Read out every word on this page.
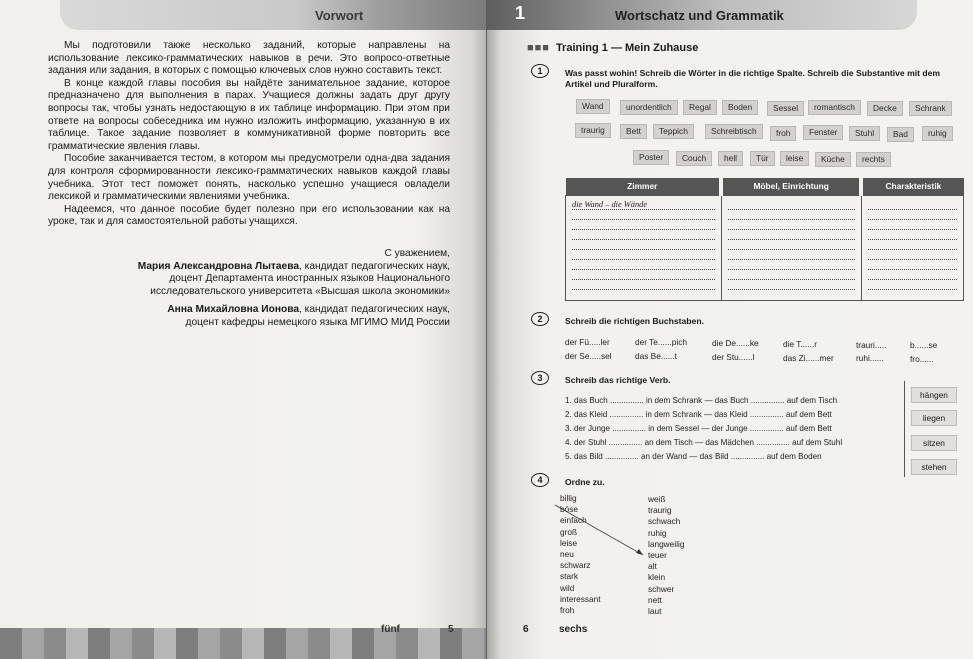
Vorwort

Мы подготовили также несколько заданий, которые направлены на использование лексико-грамматических навыков в речи. Это вопросо-ответные задания или задания, в которых с помощью ключевых слов нужно составить текст.

В конце каждой главы пособия вы найдёте занимательное задание, которое предназначено для выполнения в парах. Учащиеся должны задать друг другу вопросы так, чтобы узнать недостающую в их таблице информацию. При этом при ответе на вопросы собеседника им нужно изложить информацию, указанную в их таблице. Такое задание позволяет в коммуникативной форме повторить все грамматические явления главы.

Пособие заканчивается тестом, в котором мы предусмотрели одна-два задания для контроля сформированности лексико-грамматических навыков каждой главы учебника. Этот тест поможет понять, насколько успешно учащиеся овладели лексикой и грамматическими явлениями учебника.

Надеемся, что данное пособие будет полезно при его использовании как на уроке, так и для самостоятельной работы учащихся.

С уважением,
Мария Александровна Лытаева, кандидат педагогических наук,
доцент Департамента иностранных языков Национального
исследовательского университета «Высшая школа экономики»
Анна Михайловна Ионова, кандидат педагогических наук,
доцент кафедры немецкого языка МГИМО МИД России
fünf	5
1	Wortschatz und Grammatik
■■■ Training 1 — Mein Zuhause
1	Was passt wohin! Schreib die Wörter in die richtige Spalte. Schreib die Substantive mit dem
Artikel und Pluralform.
Wand	unordentlich	Regal	Boden	Sessel	romantisch	Decke	Schrank
traurig	Bett	Teppich	Schreibtisch	froh	Fenster	Stuhl	Bad	ruhig
Poster	Couch	hell	Tür	leise	Küche	rechts
Zimmer	Möbel, Einrichtung	Charakteristik

die Wand – die Wände		

2	Schreib die richtigen Buchstaben.
der Fü.....ler	der Te......pich	die De......ke	die T......r	trauri.....	b......se
der Se.....sel	das Be......t	der Stu......l	das Zi......mer	ruhi......	fro......
3	Schreib das richtige Verb.
1. das Buch ............... in dem Schrank — das Buch ............... auf dem Tisch
2. das Kleid ............... in dem Schrank — das Kleid ............... auf dem Bett
3. der Junge ............... in dem Sessel — der Junge ............... auf dem Bett
4. der Stuhl ............... an dem Tisch — das Mädchen ............... auf dem Stuhl
5. das Bild ............... an der Wand — das Bild ............... auf dem Boden
hängen
liegen
sitzen
stehen
4	Ordne zu.
billig
böse
einfach
groß
leise
neu
schwarz
stark
wild
interessant
froh
weiß
traurig
schwach
ruhig
langweilig
teuer
alt
klein
schwer
nett
laut
6	sechs
